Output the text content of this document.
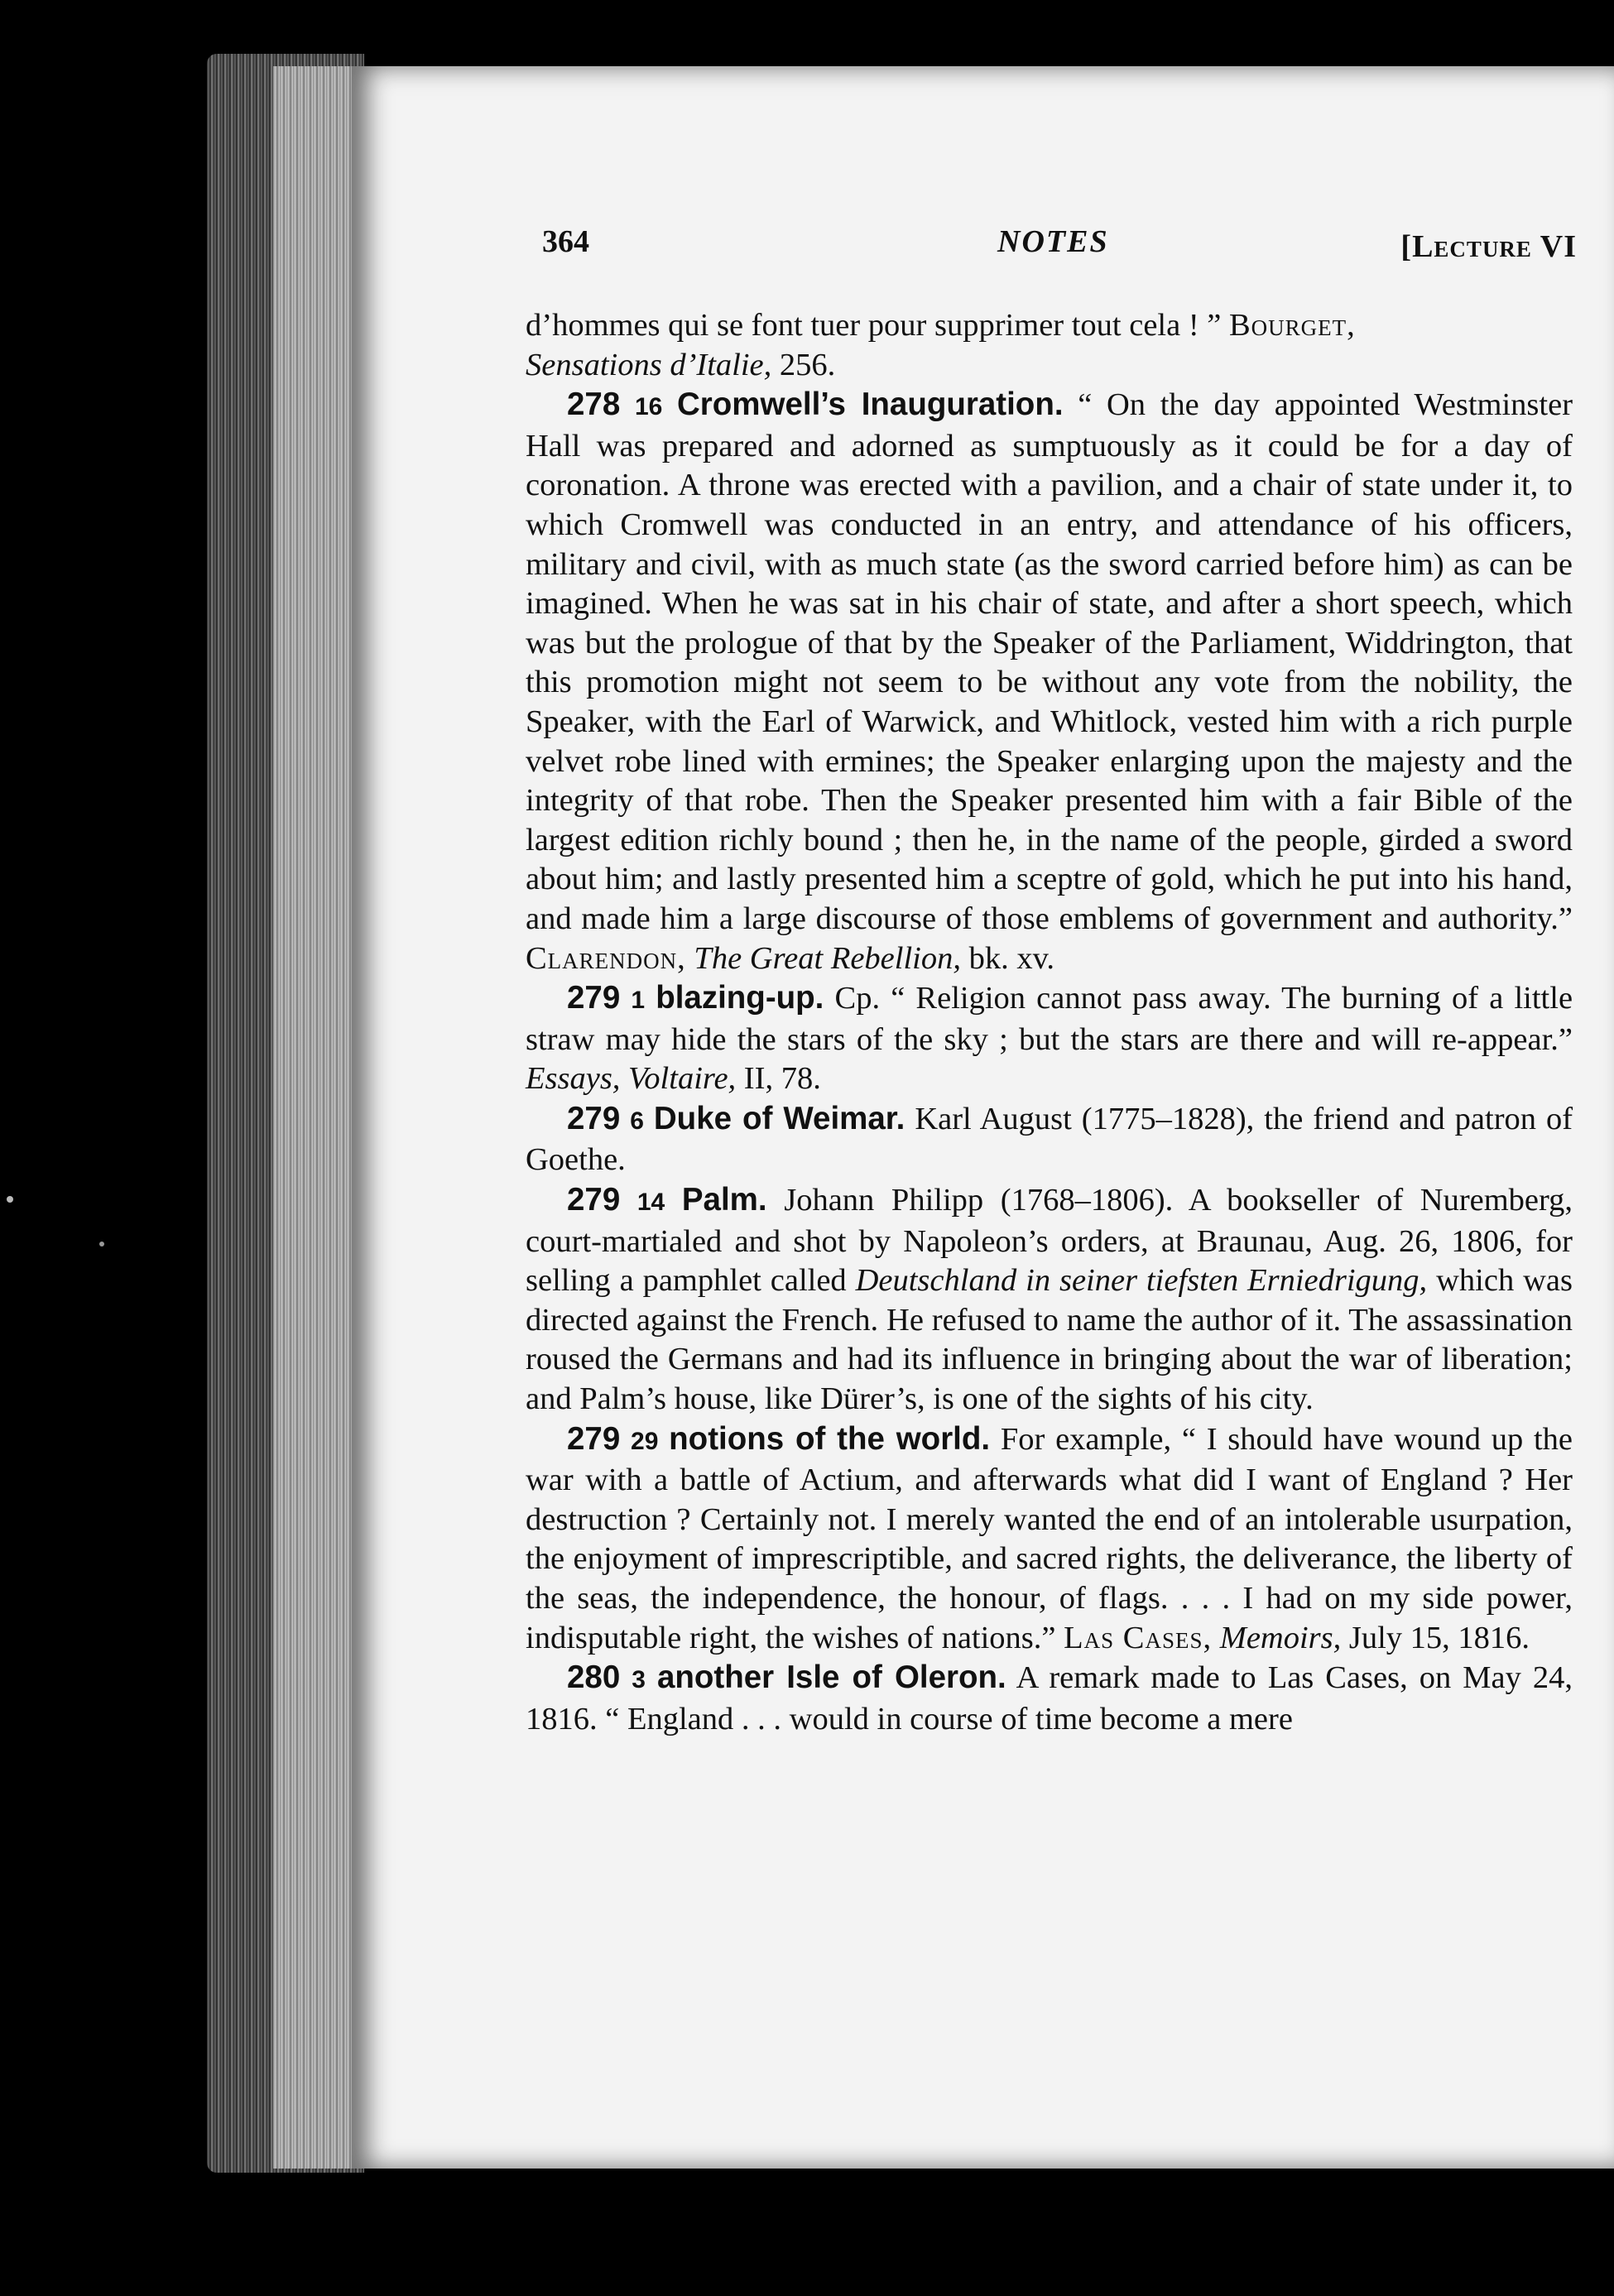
364	NOTES	[Lecture VI

d’hommes qui se font tuer pour supprimer tout cela ! ” Bourget,
Sensations d’Italie, 256.

278 16 Cromwell’s Inauguration. “ On the day appointed Westminster Hall was prepared and adorned as sumptuously as it could be for a day of coronation. A throne was erected with a pavilion, and a chair of state under it, to which Cromwell was conducted in an entry, and attendance of his officers, military and civil, with as much state (as the sword carried before him) as can be imagined. When he was sat in his chair of state, and after a short speech, which was but the prologue of that by the Speaker of the Parliament, Widdrington, that this promotion might not seem to be without any vote from the nobility, the Speaker, with the Earl of Warwick, and Whitlock, vested him with a rich purple velvet robe lined with ermines; the Speaker enlarging upon the majesty and the integrity of that robe. Then the Speaker presented him with a fair Bible of the largest edition richly bound ; then he, in the name of the people, girded a sword about him; and lastly presented him a sceptre of gold, which he put into his hand, and made him a large discourse of those emblems of government and authority.” Clarendon, The Great Rebellion, bk. xv.

279 1 blazing-up. Cp. “ Religion cannot pass away. The burning of a little straw may hide the stars of the sky ; but the stars are there and will re-appear.” Essays, Voltaire, II, 78.

279 6 Duke of Weimar. Karl August (1775–1828), the friend and patron of Goethe.

279 14 Palm. Johann Philipp (1768–1806). A bookseller of Nuremberg, court-martialed and shot by Napoleon’s orders, at Braunau, Aug. 26, 1806, for selling a pamphlet called Deutschland in seiner tiefsten Erniedrigung, which was directed against the French. He refused to name the author of it. The assassination roused the Germans and had its influence in bringing about the war of liberation; and Palm’s house, like Dürer’s, is one of the sights of his city.

279 29 notions of the world. For example, “ I should have wound up the war with a battle of Actium, and afterwards what did I want of England ? Her destruction ? Certainly not. I merely wanted the end of an intolerable usurpation, the enjoyment of imprescriptible, and sacred rights, the deliverance, the liberty of the seas, the independence, the honour, of flags. . . . I had on my side power, indisputable right, the wishes of nations.” Las Cases, Memoirs, July 15, 1816.

280 3 another Isle of Oleron. A remark made to Las Cases, on May 24, 1816. “ England . . . would in course of time become a mere
